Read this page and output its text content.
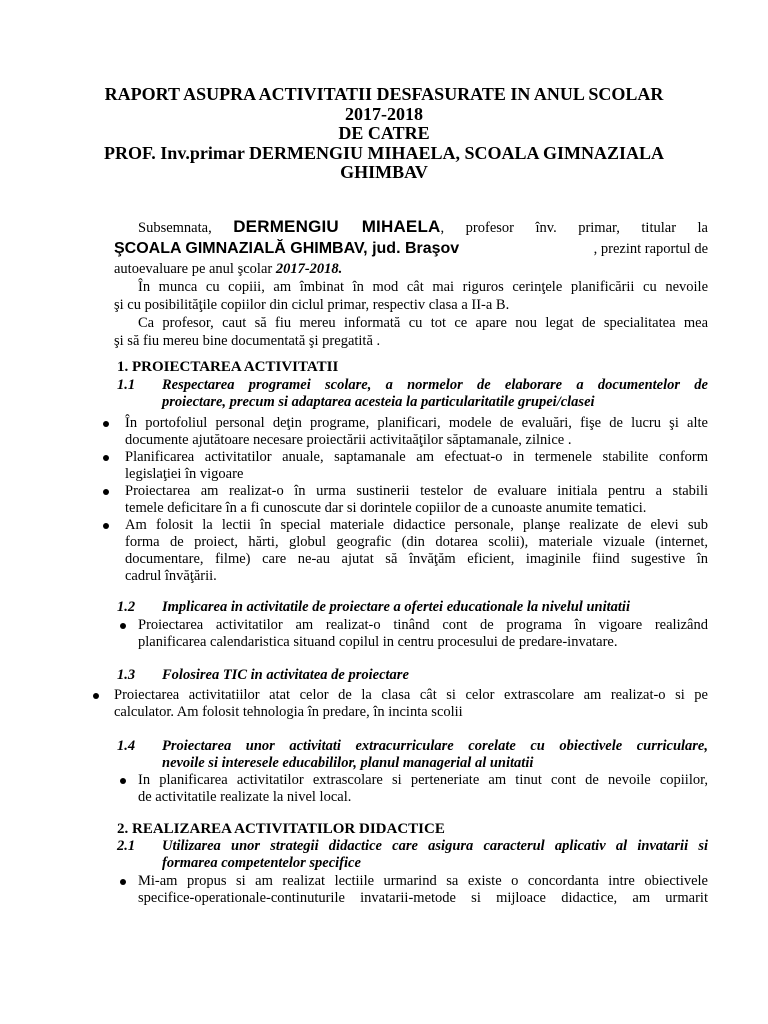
RAPORT ASUPRA ACTIVITATII DESFASURATE IN ANUL SCOLAR
2017-2018
DE CATRE
PROF. Inv.primar DERMENGIU MIHAELA, SCOALA GIMNAZIALA
GHIMBAV
Subsemnata, DERMENGIU MIHAELA, profesor înv. primar, titular la
ŞCOALA GIMNAZIALĂ GHIMBAV, jud. Braşov	, prezint raportul de
autoevaluare pe anul şcolar 2017-2018.
În munca cu copiii, am îmbinat în mod cât mai riguros cerinţele planificării cu nevoile
şi cu posibilităţile copiilor din ciclul primar, respectiv clasa a II-a B.
Ca profesor, caut să fiu mereu informată cu tot ce apare nou legat de specialitatea mea
şi să fiu mereu bine documentată şi pregatită .
1. PROIECTAREA ACTIVITATII
1.1 Respectarea programei scolare, a normelor de elaborare a documentelor de
proiectare, precum si adaptarea acesteia la particularitatile grupei/clasei
În portofoliul personal deţin programe, planificari, modele de evaluări, fişe de lucru şi alte
documente ajutătoare necesare proiectării activitaăţilor săptamanale, zilnice .
Planificarea activitatilor anuale, saptamanale am efectuat-o in termenele stabilite conform
legislaţiei în vigoare
Proiectarea am realizat-o în urma sustinerii testelor de evaluare initiala pentru a stabili
temele deficitare în a fi cunoscute dar si dorintele copiilor de a cunoaste anumite tematici.
Am folosit la lectii în special materiale didactice personale, planşe realizate de elevi sub
forma de proiect, hărti, globul geografic (din dotarea scolii), materiale vizuale (internet,
documentare, filme) care ne-au ajutat să învăţăm eficient, imaginile fiind sugestive în
cadrul învăţării.
1.2 Implicarea in activitatile de proiectare a ofertei educationale la nivelul unitatii
Proiectarea activitatilor am realizat-o tinând cont de programa în vigoare realizând
planificarea calendaristica situand copilul in centru procesului de predare-invatare.
1.3 Folosirea TIC in activitatea de proiectare
Proiectarea activitatiilor atat celor de la clasa cât si celor extrascolare am realizat-o si pe
calculator. Am folosit tehnologia în predare, în incinta scolii
1.4 Proiectarea unor activitati extracurriculare corelate cu obiectivele curriculare,
nevoile si interesele educabililor, planul managerial al unitatii
In planificarea activitatilor extrascolare si perteneriate am tinut cont de nevoile copiilor,
de activitatile realizate la nivel local.
2. REALIZAREA ACTIVITATILOR DIDACTICE
2.1 Utilizarea unor strategii didactice care asigura caracterul aplicativ al invatarii si
formarea competentelor specifice
Mi-am propus si am realizat lectiile urmarind sa existe o concordanta intre obiectivele
specifice-operationale-continuturile invatarii-metode si mijloace didactice, am urmarit
